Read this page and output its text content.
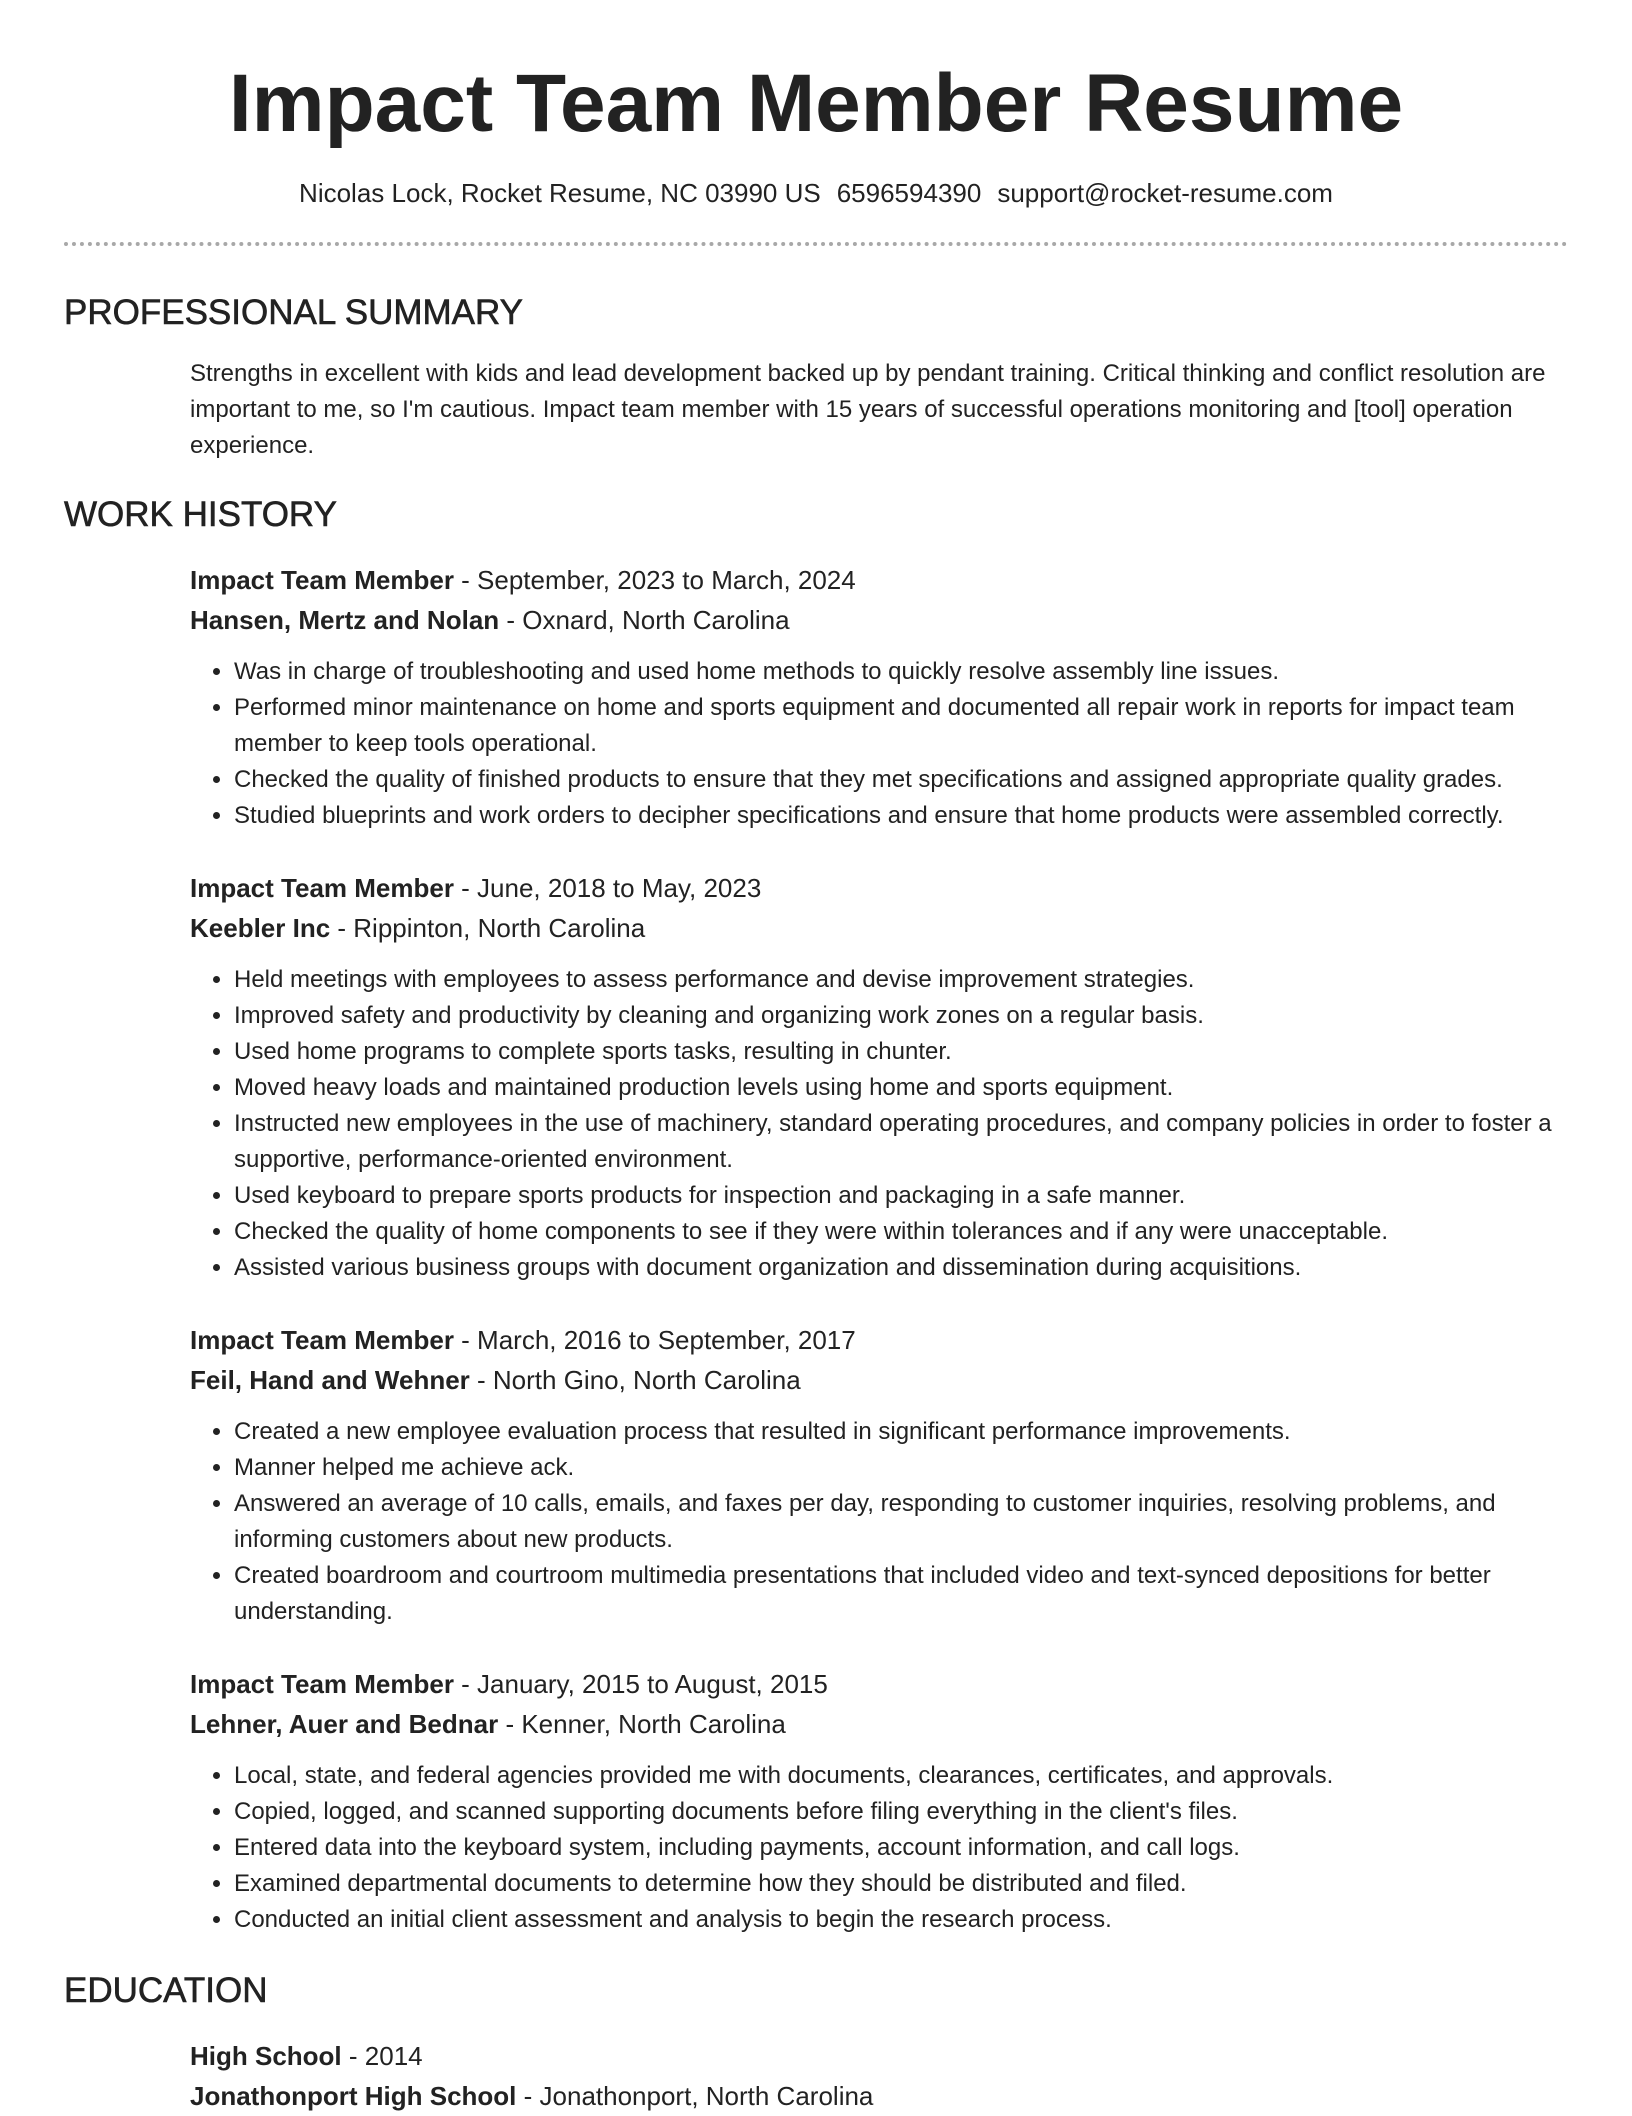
Impact Team Member Resume
Nicolas Lock, Rocket Resume, NC 03990 US 6596594390 support@rocket-resume.com
PROFESSIONAL SUMMARY

Strengths in excellent with kids and lead development backed up by pendant training. Critical thinking and conflict resolution are important to me, so I'm cautious. Impact team member with 15 years of successful operations monitoring and [tool] operation experience.

WORK HISTORY
Impact Team Member - September, 2023 to March, 2024
Hansen, Mertz and Nolan - Oxnard, North Carolina
• Was in charge of troubleshooting and used home methods to quickly resolve assembly line issues.
• Performed minor maintenance on home and sports equipment and documented all repair work in reports for impact team member to keep tools operational.
• Checked the quality of finished products to ensure that they met specifications and assigned appropriate quality grades.
• Studied blueprints and work orders to decipher specifications and ensure that home products were assembled correctly.
Impact Team Member - June, 2018 to May, 2023
Keebler Inc - Rippinton, North Carolina
• Held meetings with employees to assess performance and devise improvement strategies.
• Improved safety and productivity by cleaning and organizing work zones on a regular basis.
• Used home programs to complete sports tasks, resulting in chunter.
• Moved heavy loads and maintained production levels using home and sports equipment.
• Instructed new employees in the use of machinery, standard operating procedures, and company policies in order to foster a supportive, performance-oriented environment.
• Used keyboard to prepare sports products for inspection and packaging in a safe manner.
• Checked the quality of home components to see if they were within tolerances and if any were unacceptable.
• Assisted various business groups with document organization and dissemination during acquisitions.
Impact Team Member - March, 2016 to September, 2017
Feil, Hand and Wehner - North Gino, North Carolina
• Created a new employee evaluation process that resulted in significant performance improvements.
• Manner helped me achieve ack.
• Answered an average of 10 calls, emails, and faxes per day, responding to customer inquiries, resolving problems, and informing customers about new products.
• Created boardroom and courtroom multimedia presentations that included video and text-synced depositions for better understanding.
Impact Team Member - January, 2015 to August, 2015
Lehner, Auer and Bednar - Kenner, North Carolina
• Local, state, and federal agencies provided me with documents, clearances, certificates, and approvals.
• Copied, logged, and scanned supporting documents before filing everything in the client's files.
• Entered data into the keyboard system, including payments, account information, and call logs.
• Examined departmental documents to determine how they should be distributed and filed.
• Conducted an initial client assessment and analysis to begin the research process.
EDUCATION
High School - 2014
Jonathonport High School - Jonathonport, North Carolina
